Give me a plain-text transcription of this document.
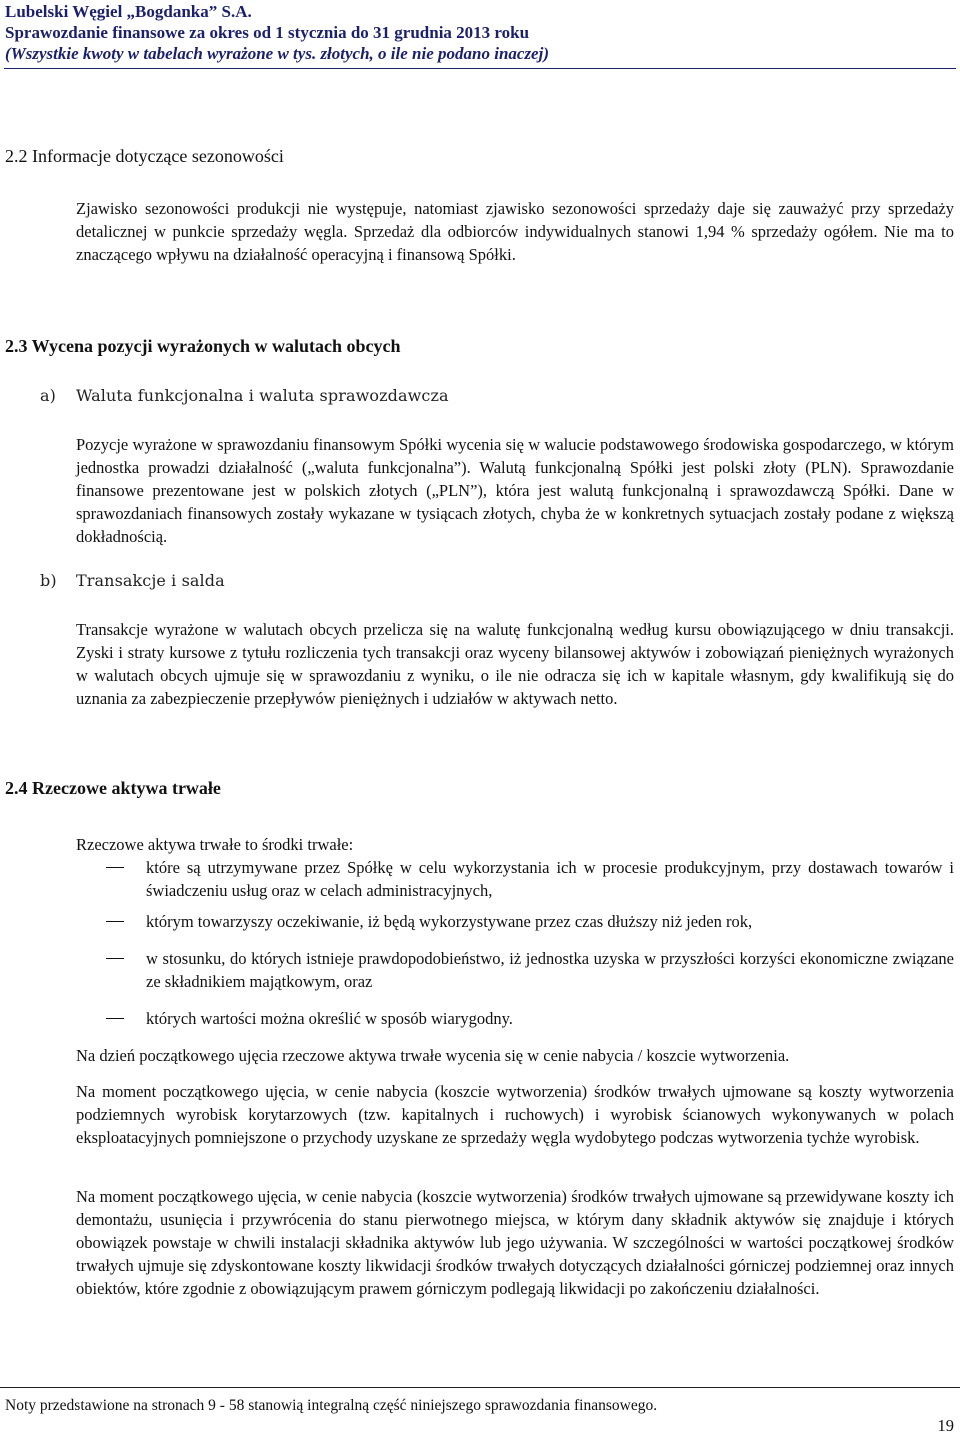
Lubelski Węgiel „Bogdanka” S.A.
Sprawozdanie finansowe za okres od 1 stycznia do 31 grudnia 2013 roku
(Wszystkie kwoty w tabelach wyrażone w tys. złotych, o ile nie podano inaczej)
2.2 Informacje dotyczące sezonowości
Zjawisko sezonowości produkcji nie występuje, natomiast zjawisko sezonowości sprzedaży daje się zauważyć przy sprzedaży detalicznej w punkcie sprzedaży węgla. Sprzedaż dla odbiorców indywidualnych stanowi 1,94 % sprzedaży ogółem. Nie ma to znaczącego wpływu na działalność operacyjną i finansową Spółki.
2.3 Wycena pozycji wyrażonych w walutach obcych
a) Waluta funkcjonalna i waluta sprawozdawcza
Pozycje wyrażone w sprawozdaniu finansowym Spółki wycenia się w walucie podstawowego środowiska gospodarczego, w którym jednostka prowadzi działalność („waluta funkcjonalna”). Walutą funkcjonalną Spółki jest polski złoty (PLN). Sprawozdanie finansowe prezentowane jest w polskich złotych („PLN”), która jest walutą funkcjonalną i sprawozdawczą Spółki. Dane w sprawozdaniach finansowych zostały wykazane w tysiącach złotych, chyba że w konkretnych sytuacjach zostały podane z większą dokładnością.
b) Transakcje i salda
Transakcje wyrażone w walutach obcych przelicza się na walutę funkcjonalną według kursu obowiązującego w dniu transakcji. Zyski i straty kursowe z tytułu rozliczenia tych transakcji oraz wyceny bilansowej aktywów i zobowiązań pieniężnych wyrażonych w walutach obcych ujmuje się w sprawozdaniu z wyniku, o ile nie odracza się ich w kapitale własnym, gdy kwalifikują się do uznania za zabezpieczenie przepływów pieniężnych i udziałów w aktywach netto.
2.4 Rzeczowe aktywa trwałe
Rzeczowe aktywa trwałe to środki trwałe:
które są utrzymywane przez Spółkę w celu wykorzystania ich w procesie produkcyjnym, przy dostawach towarów i świadczeniu usług oraz w celach administracyjnych,
którym towarzyszy oczekiwanie, iż będą wykorzystywane przez czas dłuższy niż jeden rok,
w stosunku, do których istnieje prawdopodobieństwo, iż jednostka uzyska w przyszłości korzyści ekonomiczne związane ze składnikiem majątkowym, oraz
których wartości można określić w sposób wiarygodny.
Na dzień początkowego ujęcia rzeczowe aktywa trwałe wycenia się w cenie nabycia / koszcie wytworzenia.
Na moment początkowego ujęcia, w cenie nabycia (koszcie wytworzenia) środków trwałych ujmowane są koszty wytworzenia podziemnych wyrobisk korytarzowych (tzw. kapitalnych i ruchowych) i wyrobisk ścianowych wykonywanych w polach eksploatacyjnych pomniejszone o przychody uzyskane ze sprzedaży węgla wydobytego podczas wytworzenia tychże wyrobisk.
Na moment początkowego ujęcia, w cenie nabycia (koszcie wytworzenia) środków trwałych ujmowane są przewidywane koszty ich demontażu, usunięcia i przywrócenia do stanu pierwotnego miejsca, w którym dany składnik aktywów się znajduje i których obowiązek powstaje w chwili instalacji składnika aktywów lub jego używania. W szczególności w wartości początkowej środków trwałych ujmuje się zdyskontowane koszty likwidacji środków trwałych dotyczących działalności górniczej podziemnej oraz innych obiektów, które zgodnie z obowiązującym prawem górniczym podlegają likwidacji po zakończeniu działalności.
Noty przedstawione na stronach 9 - 58 stanowią integralną część niniejszego sprawozdania finansowego.
19
